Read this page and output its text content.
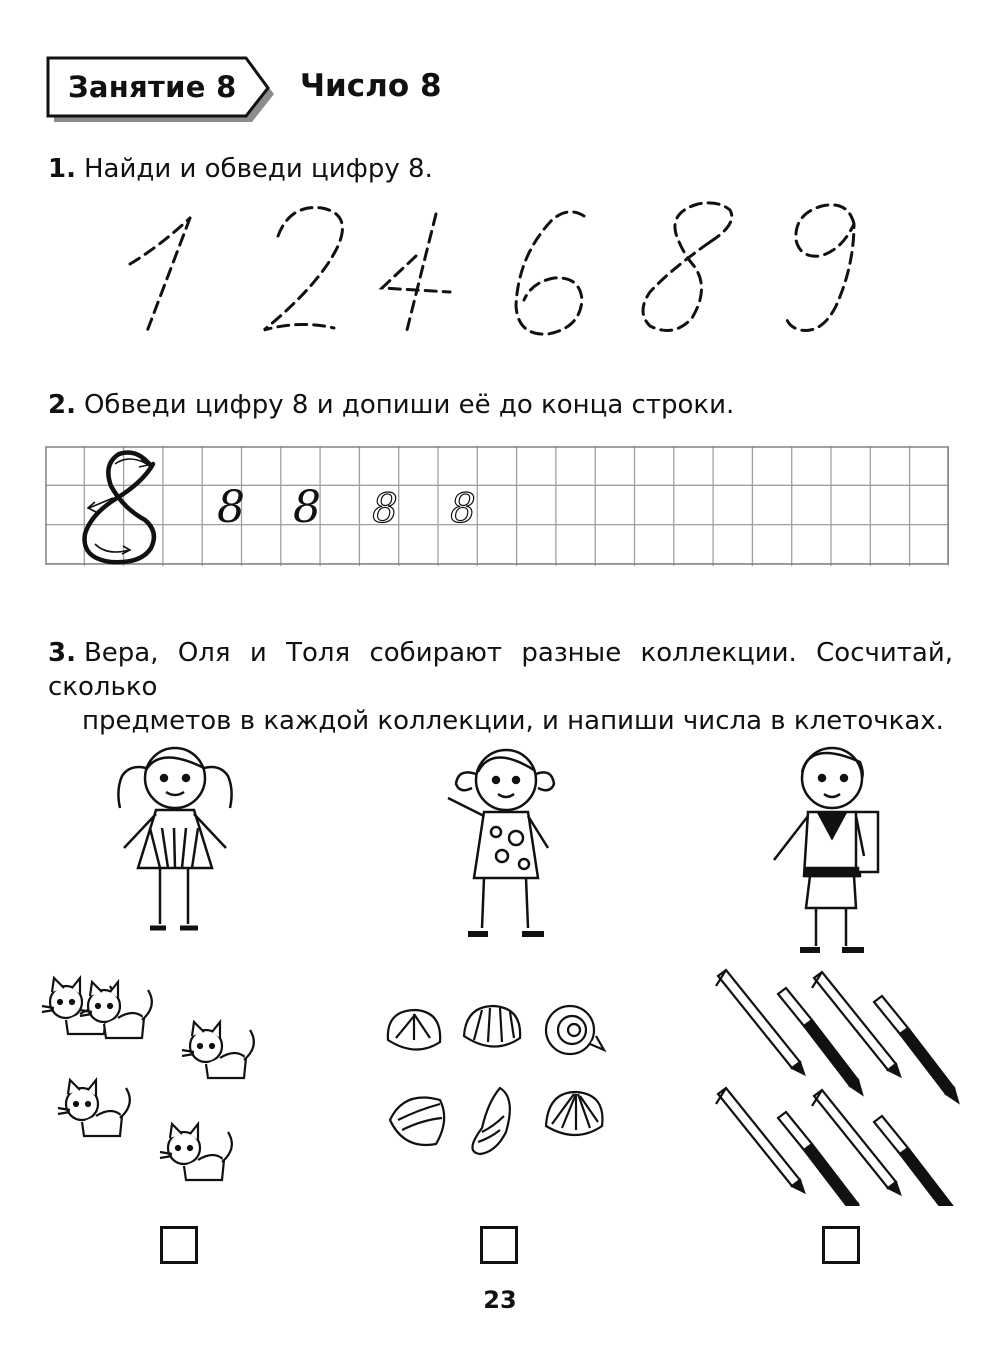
Занятие 8 Число 8
1. Найди и обведи цифру 8.
2. Обведи цифру 8 и допиши её до конца строки.
8 8 8 8
3. Вера, Оля и Толя собирают разные коллекции. Сосчитай, сколько
предметов в каждой коллекции, и напиши числа в клеточках.
23
